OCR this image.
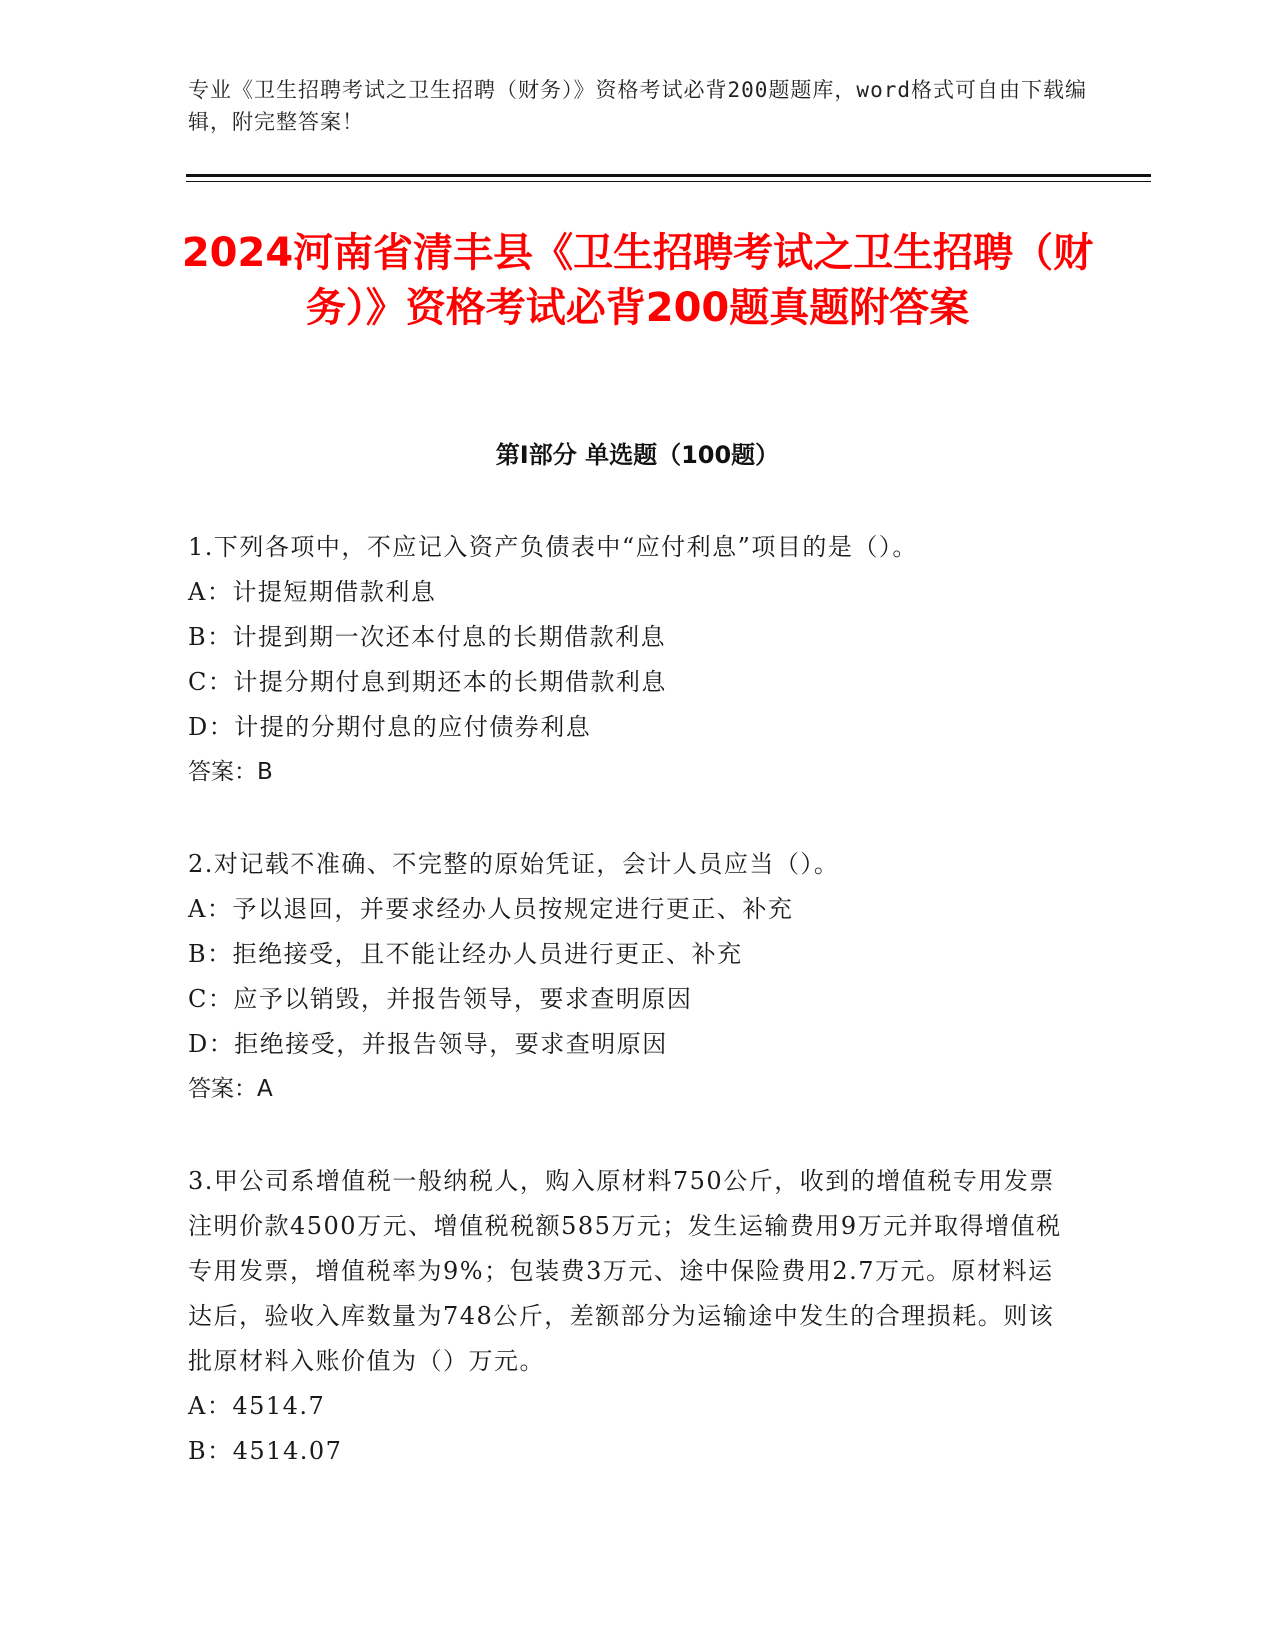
专业《卫生招聘考试之卫生招聘（财务）》资格考试必背200题题库，word格式可自由下载编辑，附完整答案！
2024河南省清丰县《卫生招聘考试之卫生招聘（财务）》资格考试必背200题真题附答案
第I部分 单选题（100题）
1.下列各项中，不应记入资产负债表中“应付利息”项目的是（）。
A：计提短期借款利息
B：计提到期一次还本付息的长期借款利息
C：计提分期付息到期还本的长期借款利息
D：计提的分期付息的应付债券利息
答案：B
2.对记载不准确、不完整的原始凭证，会计人员应当（）。
A：予以退回，并要求经办人员按规定进行更正、补充
B：拒绝接受，且不能让经办人员进行更正、补充
C：应予以销毁，并报告领导，要求查明原因
D：拒绝接受，并报告领导，要求查明原因
答案：A
3.甲公司系增值税一般纳税人，购入原材料750公斤，收到的增值税专用发票注明价款4500万元、增值税税额585万元；发生运输费用9万元并取得增值税专用发票，增值税率为9%；包装费3万元、途中保险费用2.7万元。原材料运达后，验收入库数量为748公斤，差额部分为运输途中发生的合理损耗。则该批原材料入账价值为（）万元。
A：4514.7
B：4514.07
